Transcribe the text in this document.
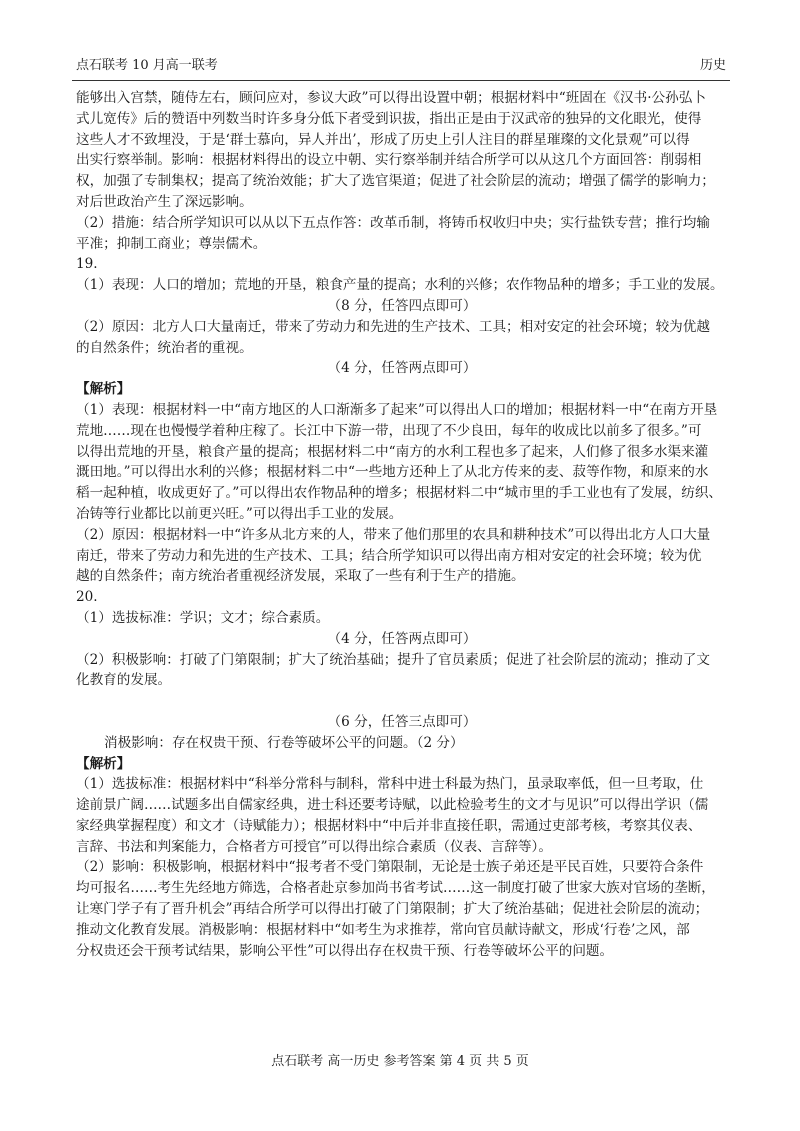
点石联考 10 月高一联考	历史
能够出入宫禁，随侍左右，顾问应对，参议大政”可以得出设置中朝；根据材料中“班固在《汉书·公孙弘卜
式儿宽传》后的赞语中列数当时许多身分低下者受到识拔，指出正是由于汉武帝的独异的文化眼光，使得
这些人才不致埋没，于是‘群士慕向，异人并出’，形成了历史上引人注目的群星璀璨的文化景观”可以得
出实行察举制。影响：根据材料得出的设立中朝、实行察举制并结合所学可以从这几个方面回答：削弱相
权，加强了专制集权；提高了统治效能；扩大了选官渠道；促进了社会阶层的流动；增强了儒学的影响力；
对后世政治产生了深远影响。
（2）措施：结合所学知识可以从以下五点作答：改革币制，将铸币权收归中央；实行盐铁专营；推行均输
平准；抑制工商业；尊崇儒术。
19.
（1）表现：人口的增加；荒地的开垦，粮食产量的提高；水利的兴修；农作物品种的增多；手工业的发展。
（8 分，任答四点即可）
（2）原因：北方人口大量南迁，带来了劳动力和先进的生产技术、工具；相对安定的社会环境；较为优越
的自然条件；统治者的重视。
（4 分，任答两点即可）
【解析】
（1）表现：根据材料一中“南方地区的人口渐渐多了起来”可以得出人口的增加；根据材料一中“在南方开垦
荒地……现在也慢慢学着种庄稼了。长江中下游一带，出现了不少良田，每年的收成比以前多了很多。”可
以得出荒地的开垦，粮食产量的提高；根据材料二中“南方的水利工程也多了起来，人们修了很多水渠来灌
溉田地。”可以得出水利的兴修；根据材料二中“一些地方还种上了从北方传来的麦、菽等作物，和原来的水
稻一起种植，收成更好了。”可以得出农作物品种的增多；根据材料二中“城市里的手工业也有了发展，纺织、
冶铸等行业都比以前更兴旺。”可以得出手工业的发展。
（2）原因：根据材料一中“许多从北方来的人，带来了他们那里的农具和耕种技术”可以得出北方人口大量
南迁，带来了劳动力和先进的生产技术、工具；结合所学知识可以得出南方相对安定的社会环境；较为优
越的自然条件；南方统治者重视经济发展，采取了一些有利于生产的措施。
20.
（1）选拔标准：学识；文才；综合素质。
（4 分，任答两点即可）
（2）积极影响：打破了门第限制；扩大了统治基础；提升了官员素质；促进了社会阶层的流动；推动了文
化教育的发展。
（6 分，任答三点即可）
消极影响：存在权贵干预、行卷等破坏公平的问题。（2 分）
【解析】
（1）选拔标准：根据材料中“科举分常科与制科，常科中进士科最为热门，虽录取率低，但一旦考取，仕
途前景广阔……试题多出自儒家经典，进士科还要考诗赋，以此检验考生的文才与见识”可以得出学识（儒
家经典掌握程度）和文才（诗赋能力）；根据材料中“中后并非直接任职，需通过吏部考核，考察其仪表、
言辞、书法和判案能力，合格者方可授官”可以得出综合素质（仪表、言辞等）。
（2）影响：积极影响，根据材料中“报考者不受门第限制，无论是士族子弟还是平民百姓，只要符合条件
均可报名……考生先经地方筛选，合格者赴京参加尚书省考试……这一制度打破了世家大族对官场的垄断，
让寒门学子有了晋升机会”再结合所学可以得出打破了门第限制；扩大了统治基础；促进社会阶层的流动；
推动文化教育发展。消极影响：根据材料中“如考生为求推荐，常向官员献诗献文，形成‘行卷’之风，部
分权贵还会干预考试结果，影响公平性”可以得出存在权贵干预、行卷等破坏公平的问题。
点石联考 高一历史 参考答案 第 4 页 共 5 页
